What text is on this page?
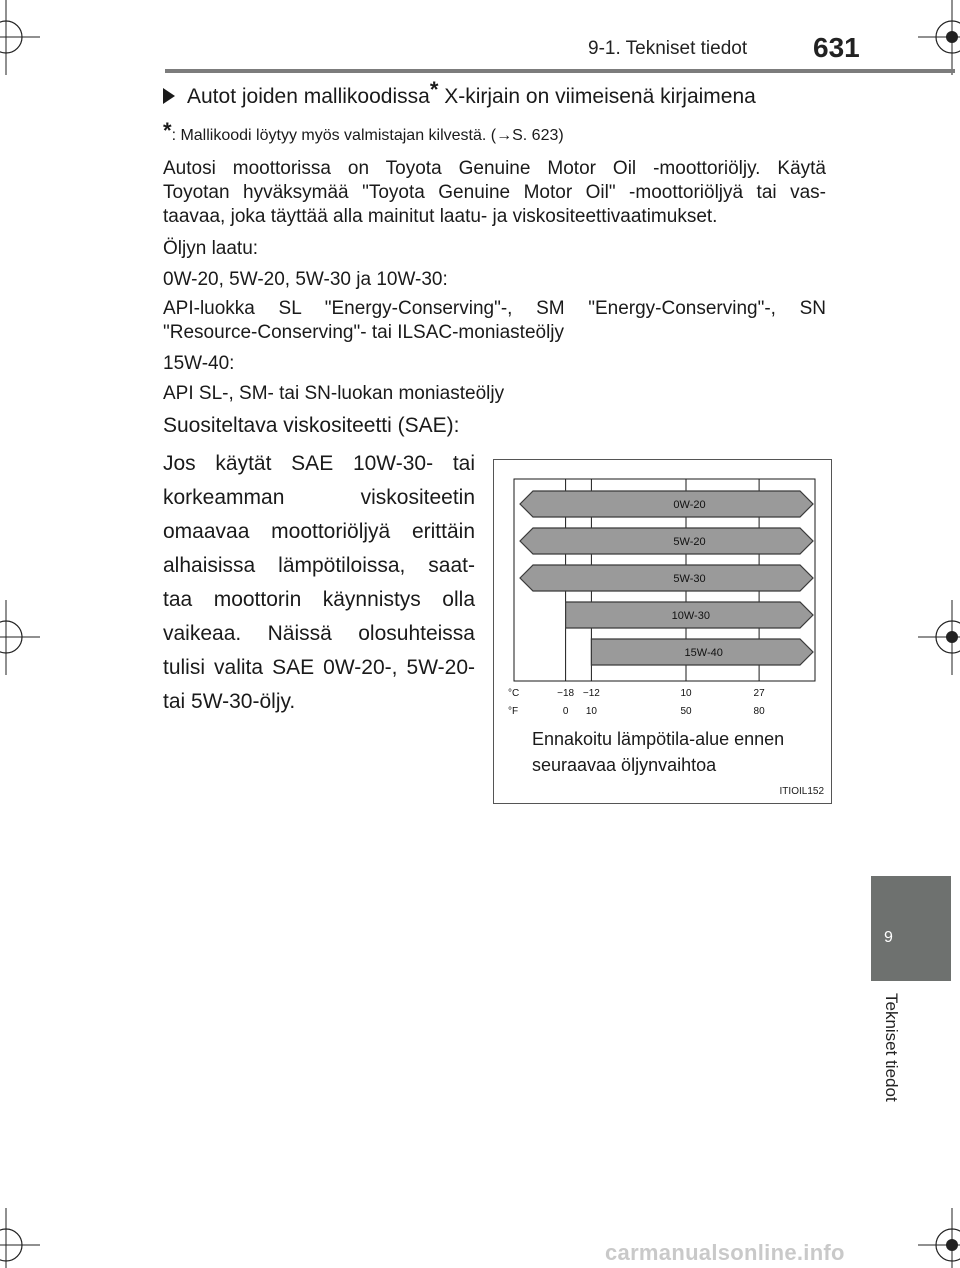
9-1. Tekniset tiedot 631
9
Tekniset tiedot
Autot joiden mallikoodissa* X-kirjain on viimeisenä kirjaimena
*: Mallikoodi löytyy myös valmistajan kilvestä. (→S. 623)
Autosi moottorissa on Toyota Genuine Motor Oil -moottoriöljy. Käytä
Toyotan hyväksymää "Toyota Genuine Motor Oil" -moottoriöljyä tai vas-
taavaa, joka täyttää alla mainitut laatu- ja viskositeettivaatimukset.
Öljyn laatu:
0W-20, 5W-20, 5W-30 ja 10W-30:
API-luokka SL "Energy-Conserving"-, SM "Energy-Conserving"-, SN
"Resource-Conserving"- tai ILSAC-moniasteöljy
15W-40:
API SL-, SM- tai SN-luokan moniasteöljy
Suositeltava viskositeetti (SAE):
Jos käytät SAE 10W-30- tai
korkeamman viskositeetin
omaavaa moottoriöljyä erittäin
alhaisissa lämpötiloissa, saat-
taa moottorin käynnistys olla
vaikeaa. Näissä olosuhteissa
tulisi valita SAE 0W-20-, 5W-20-
tai 5W-30-öljy.
0W-20
5W-20
5W-30
10W-30
15W-40
°C
°F
−18
0
−12
10
10
50
27
80
Ennakoitu lämpötila-alue ennen
seuraavaa öljynvaihtoa
ITIOIL152
carmanualsonline.info
